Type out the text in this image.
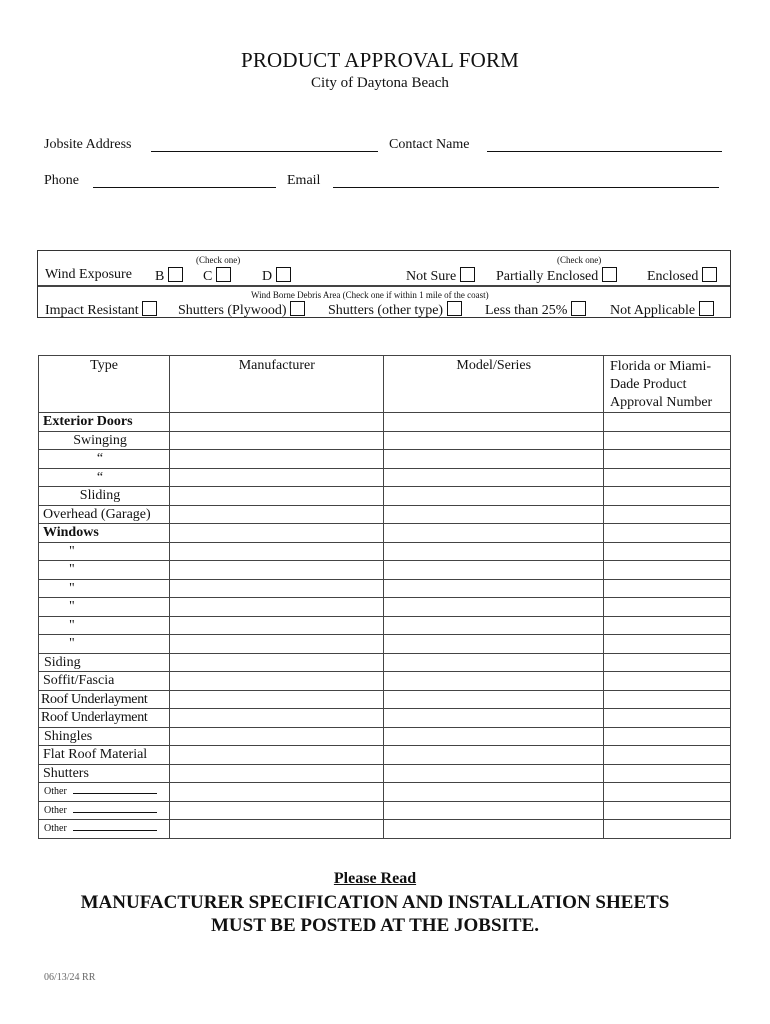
PRODUCT APPROVAL FORM
City of Daytona Beach
Jobsite Address	Contact Name
Phone	Email
(Check one)	(Check one)
Wind Exposure B	C	D	Not Sure	Partially Enclosed	Enclosed
Wind Borne Debris Area (Check one if within 1 mile of the coast)
Impact Resistant	Shutters (Plywood)	Shutters (other type)	Less than 25%	Not Applicable
Type	Manufacturer	Model/Series	Florida or Miami-Dade Product Approval Number
Exterior Doors			
Swinging			
“			
“			
Sliding			
Overhead (Garage)			
Windows			
"			
"			
"			
"			
"			
"			
Siding			
Soffit/Fascia			
Roof Underlayment			
Roof Underlayment			
Shingles			
Flat Roof Material			
Shutters			
Other			
Other			
Other			
Please Read
MANUFACTURER SPECIFICATION AND INSTALLATION SHEETS
MUST BE POSTED AT THE JOBSITE.
06/13/24 RR
